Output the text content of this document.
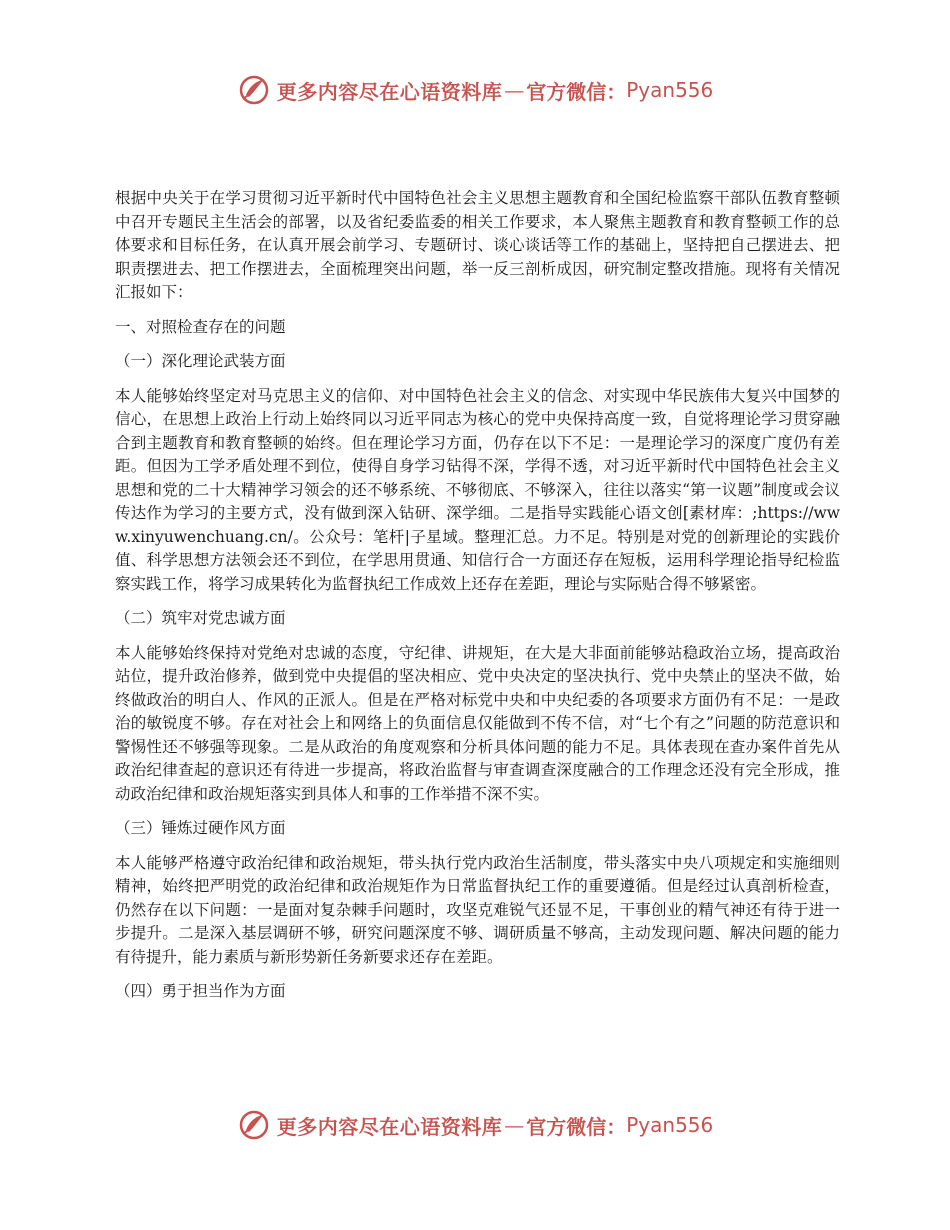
更多内容尽在心语资料库 — 官方微信： Pyan556

根据中央关于在学习贯彻习近平新时代中国特色社会主义思想主题教育和全国纪检监察干部队伍教育整顿中召开专题民主生活会的部署，以及省纪委监委的相关工作要求，本人聚焦主题教育和教育整顿工作的总体要求和目标任务，在认真开展会前学习、专题研讨、谈心谈话等工作的基础上，坚持把自己摆进去、把职责摆进去、把工作摆进去，全面梳理突出问题，举一反三剖析成因，研究制定整改措施。现将有关情况汇报如下：

一、对照检查存在的问题

（一）深化理论武装方面

本人能够始终坚定对马克思主义的信仰、对中国特色社会主义的信念、对实现中华民族伟大复兴中国梦的信心，在思想上政治上行动上始终同以习近平同志为核心的党中央保持高度一致，自觉将理论学习贯穿融合到主题教育和教育整顿的始终。但在理论学习方面，仍存在以下不足：一是理论学习的深度广度仍有差距。但因为工学矛盾处理不到位，使得自身学习钻得不深，学得不透，对习近平新时代中国特色社会主义思想和党的二十大精神学习领会的还不够系统、不够彻底、不够深入，往往以落实“第一议题”制度或会议传达作为学习的主要方式，没有做到深入钻研、深学细。二是指导实践能心语文创[素材库：;https://www.xinyuwenchuang.cn/。公众号：笔杆|子星域。整理汇总。力不足。特别是对党的创新理论的实践价值、科学思想方法领会还不到位，在学思用贯通、知信行合一方面还存在短板，运用科学理论指导纪检监察实践工作，将学习成果转化为监督执纪工作成效上还存在差距，理论与实际贴合得不够紧密。

（二）筑牢对党忠诚方面

本人能够始终保持对党绝对忠诚的态度，守纪律、讲规矩，在大是大非面前能够站稳政治立场，提高政治站位，提升政治修养，做到党中央提倡的坚决相应、党中央决定的坚决执行、党中央禁止的坚决不做，始终做政治的明白人、作风的正派人。但是在严格对标党中央和中央纪委的各项要求方面仍有不足：一是政治的敏锐度不够。存在对社会上和网络上的负面信息仅能做到不传不信，对“七个有之”问题的防范意识和警惕性还不够强等现象。二是从政治的角度观察和分析具体问题的能力不足。具体表现在查办案件首先从政治纪律查起的意识还有待进一步提高，将政治监督与审查调查深度融合的工作理念还没有完全形成，推动政治纪律和政治规矩落实到具体人和事的工作举措不深不实。

（三）锤炼过硬作风方面

本人能够严格遵守政治纪律和政治规矩，带头执行党内政治生活制度，带头落实中央八项规定和实施细则精神，始终把严明党的政治纪律和政治规矩作为日常监督执纪工作的重要遵循。但是经过认真剖析检查，仍然存在以下问题：一是面对复杂棘手问题时，攻坚克难锐气还显不足，干事创业的精气神还有待于进一步提升。二是深入基层调研不够，研究问题深度不够、调研质量不够高，主动发现问题、解决问题的能力有待提升，能力素质与新形势新任务新要求还存在差距。

（四）勇于担当作为方面

更多内容尽在心语资料库 — 官方微信： Pyan556
